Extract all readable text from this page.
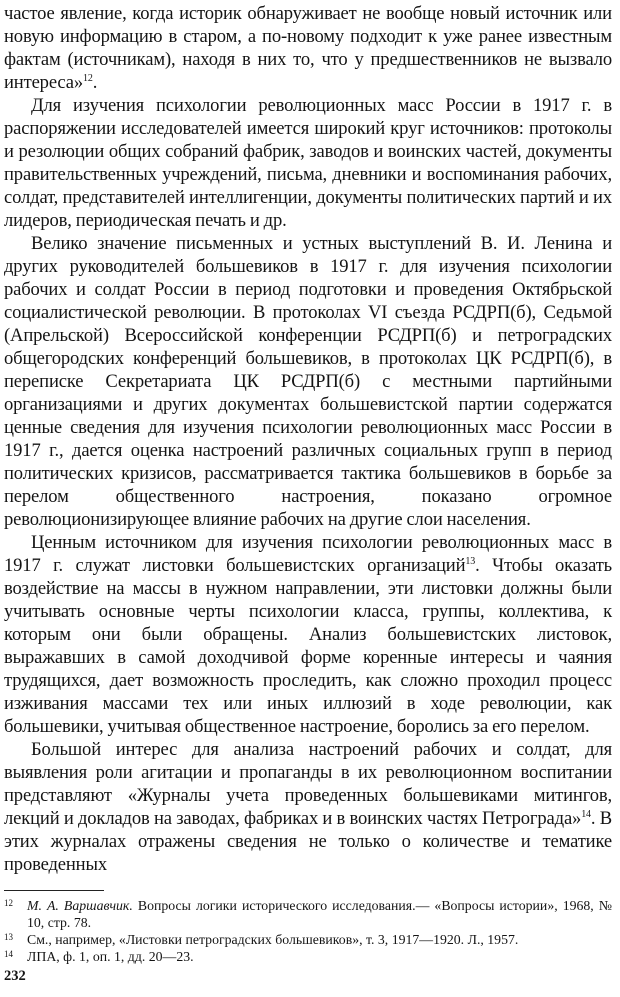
частое явление, когда историк обнаруживает не вообще новый источник или новую информацию в старом, а по-новому подходит к уже ранее известным фактам (источникам), находя в них то, что у предшественников не вызвало интереса»$^{12}$.

Для изучения психологии революционных масс России в 1917 г. в распоряжении исследователей имеется широкий круг источников: протоколы и резолюции общих собраний фабрик, заводов и воинских частей, документы правительственных учреждений, письма, дневники и воспоминания рабочих, солдат, представителей интеллигенции, документы политических партий и их лидеров, периодическая печать и др.

Велико значение письменных и устных выступлений В. И. Ленина и других руководителей большевиков в 1917 г. для изучения психологии рабочих и солдат России в период подготовки и проведения Октябрьской социалистической революции. В протоколах VI съезда РСДРП(б), Седьмой (Апрельской) Всероссийской конференции РСДРП(б) и петроградских общегородских конференций большевиков, в протоколах ЦК РСДРП(б), в переписке Секретариата ЦК РСДРП(б) с местными партийными организациями и других документах большевистской партии содержатся ценные сведения для изучения психологии революционных масс России в 1917 г., дается оценка настроений различных социальных групп в период политических кризисов, рассматривается тактика большевиков в борьбе за перелом общественного настроения, показано огромное революционизирующее влияние рабочих на другие слои населения.

Ценным источником для изучения психологии революционных масс в 1917 г. служат листовки большевистских организаций$^{13}$. Чтобы оказать воздействие на массы в нужном направлении, эти листовки должны были учитывать основные черты психологии класса, группы, коллектива, к которым они были обращены. Анализ большевистских листовок, выражавших в самой доходчивой форме коренные интересы и чаяния трудящихся, дает возможность проследить, как сложно проходил процесс изживания массами тех или иных иллюзий в ходе революции, как большевики, учитывая общественное настроение, боролись за его перелом.

Большой интерес для анализа настроений рабочих и солдат, для выявления роли агитации и пропаганды в их революционном воспитании представляют «Журналы учета проведенных большевиками митингов, лекций и докладов на заводах, фабриках и в воинских частях Петрограда»$^{14}$. В этих журналах отражены сведения не только о количестве и тематике проведенных

12 М. А. Варшавчик. Вопросы логики исторического исследования.— «Вопросы истории», 1968, № 10, стр. 78.

13 См., например, «Листовки петроградских большевиков», т. 3, 1917—1920. Л., 1957.

14 ЛПА, ф. 1, оп. 1, дд. 20—23.

232
